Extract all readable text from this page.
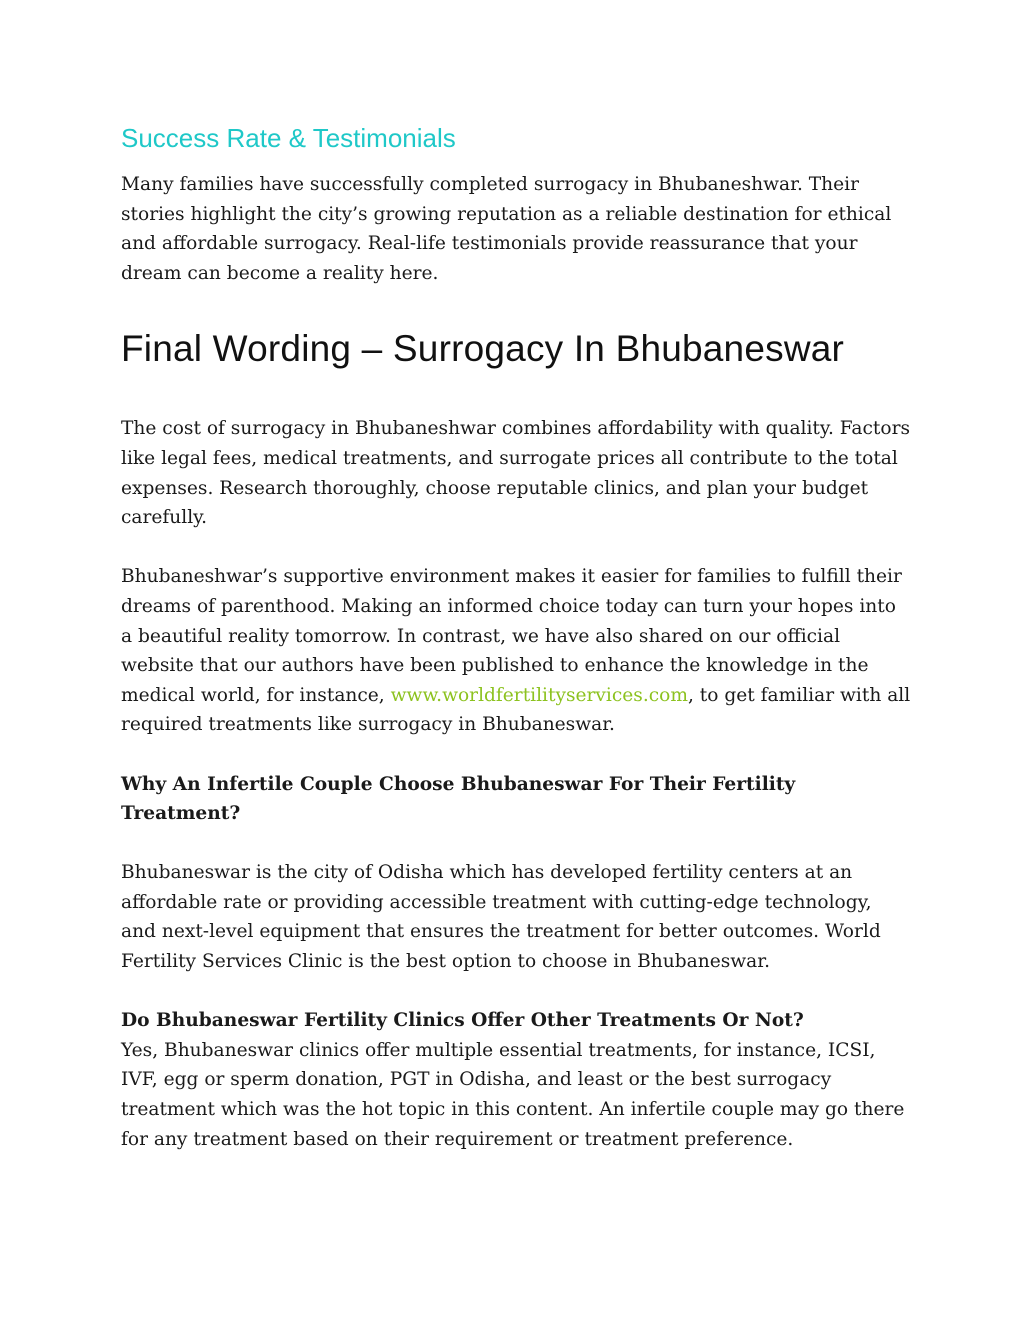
Success Rate & Testimonials

Many families have successfully completed surrogacy in Bhubaneshwar. Their stories highlight the city’s growing reputation as a reliable destination for ethical and affordable surrogacy. Real-life testimonials provide reassurance that your dream can become a reality here.

Final Wording – Surrogacy In Bhubaneswar

The cost of surrogacy in Bhubaneshwar combines affordability with quality. Factors like legal fees, medical treatments, and surrogate prices all contribute to the total expenses. Research thoroughly, choose reputable clinics, and plan your budget carefully.

Bhubaneshwar’s supportive environment makes it easier for families to fulfill their dreams of parenthood. Making an informed choice today can turn your hopes into a beautiful reality tomorrow. In contrast, we have also shared on our official website that our authors have been published to enhance the knowledge in the medical world, for instance, www.worldfertilityservices.com, to get familiar with all required treatments like surrogacy in Bhubaneswar.

Why An Infertile Couple Choose Bhubaneswar For Their Fertility Treatment?

Bhubaneswar is the city of Odisha which has developed fertility centers at an affordable rate or providing accessible treatment with cutting-edge technology, and next-level equipment that ensures the treatment for better outcomes. World Fertility Services Clinic is the best option to choose in Bhubaneswar.

Do Bhubaneswar Fertility Clinics Offer Other Treatments Or Not?

Yes, Bhubaneswar clinics offer multiple essential treatments, for instance, ICSI, IVF, egg or sperm donation, PGT in Odisha, and least or the best surrogacy treatment which was the hot topic in this content. An infertile couple may go there for any treatment based on their requirement or treatment preference.
